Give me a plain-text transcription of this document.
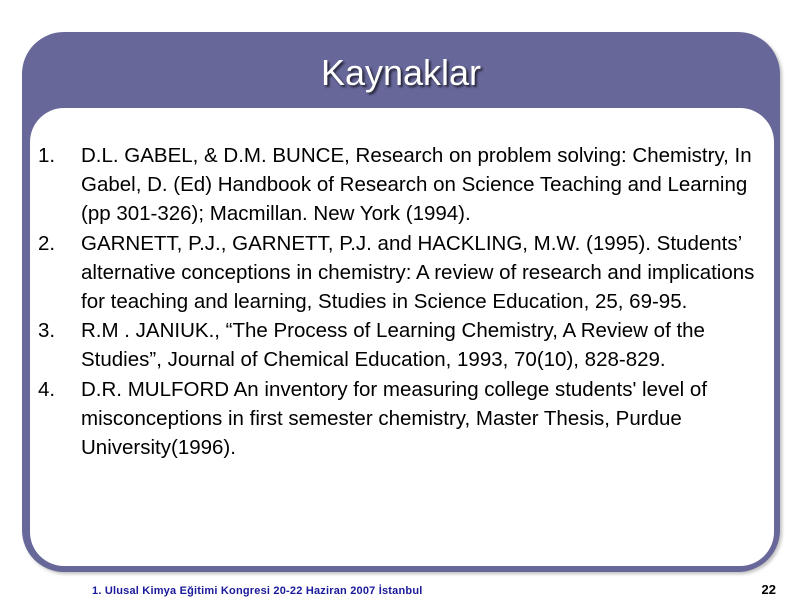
Kaynaklar
1. D.L. GABEL, & D.M. BUNCE, Research on problem solving: Chemistry, In Gabel, D. (Ed) Handbook of Research on Science Teaching and Learning (pp 301-326); Macmillan. New York (1994).
2. GARNETT, P.J., GARNETT, P.J. and HACKLING, M.W. (1995). Students’ alternative conceptions in chemistry: A review of research and implications for teaching and learning, Studies in Science Education, 25, 69-95.
3. R.M . JANIUK., “The Process of Learning Chemistry, A Review of the Studies”, Journal of Chemical Education, 1993, 70(10), 828-829.
4. D.R. MULFORD An inventory for measuring college students' level of misconceptions in first semester chemistry, Master Thesis, Purdue University(1996).
1. Ulusal Kimya Eğitimi Kongresi 20-22 Haziran 2007 İstanbul	22
